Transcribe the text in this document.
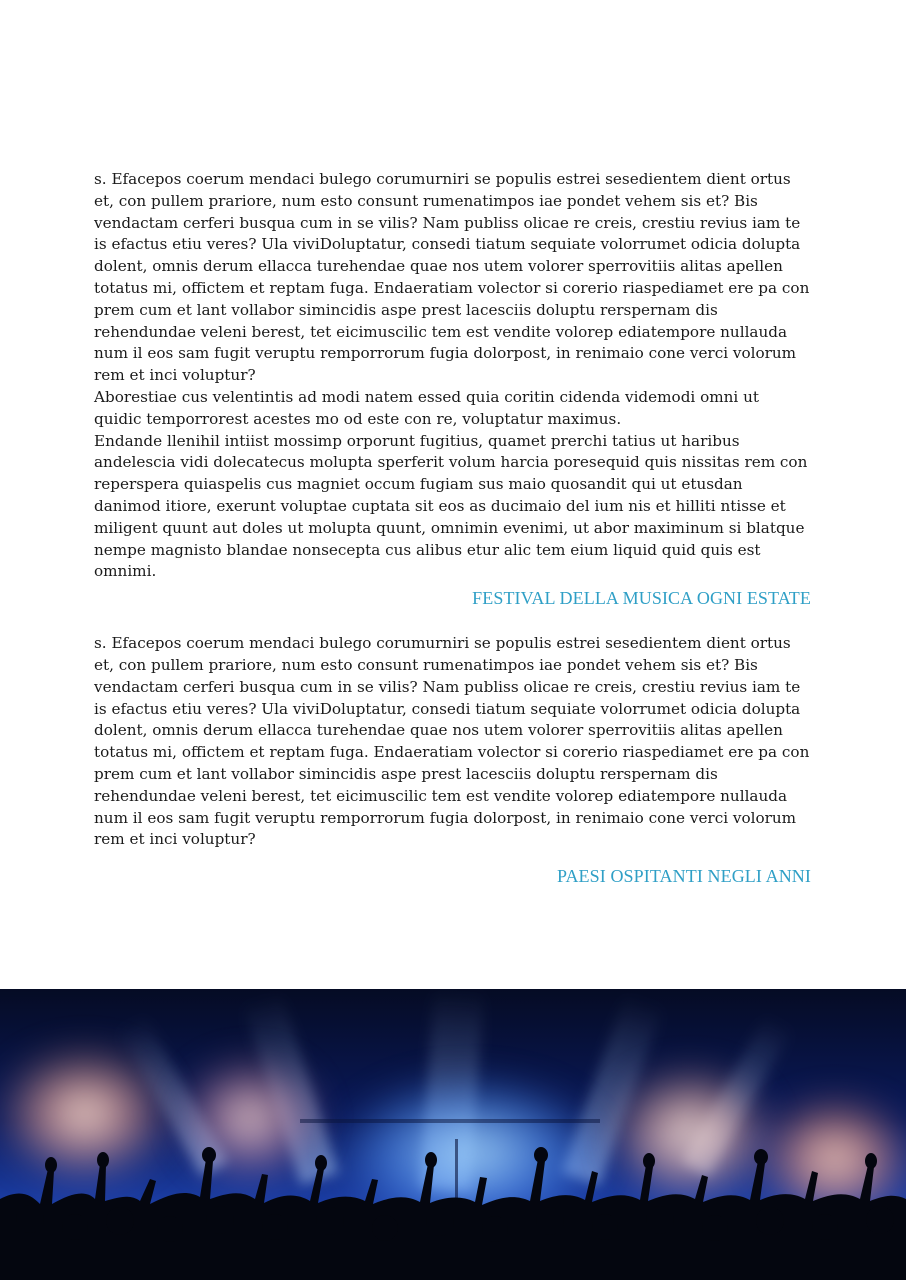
s. Efacepos coerum mendaci bulego corumurniri se populis estrei sesedientem dient ortus et, con pullem prariore, num esto consunt rumenatimpos iae pondet vehem sis et? Bis vendactam cerferi busqua cum in se vilis? Nam publiss olicae re creis, crestiu revius iam te is efactus etiu veres? Ula viviDoluptatur, consedi tiatum sequiate volorrumet odicia dolupta dolent, omnis derum ellacca turehendae quae nos utem volorer sperrovitiis alitas apellen totatus mi, offictem et reptam fuga. Endaeratiam volector si corerio riaspediamet ere pa con prem cum et lant vollabor simincidis aspe prest lacesciis doluptu rerspernam dis rehendundae veleni berest, tet eicimuscilic tem est vendite volorep ediatempore nullauda num il eos sam fugit veruptu remporrorum fugia dolorpost, in renimaio cone verci volorum rem et inci voluptur?

Aborestiae cus velentintis ad modi natem essed quia coritin cidenda videmodi omni ut quidic temporrorest acestes mo od este con re, voluptatur maximus.

Endande llenihil intiist mossimp orporunt fugitius, quamet prerchi tatius ut haribus andelescia vidi dolecatecus molupta sperferit volum harcia poresequid quis nissitas rem con reperspera quiaspelis cus magniet occum fugiam sus maio quosandit qui ut etusdan danimod itiore, exerunt voluptae cuptata sit eos as ducimaio del ium nis et hilliti ntisse et miligent quunt aut doles ut molupta quunt, omnimin evenimi, ut abor maximinum si blatque nempe magnisto blandae nonsecepta cus alibus etur alic tem eium liquid quid quis est omnimi.

FESTIVAL DELLA MUSICA OGNI ESTATE

s. Efacepos coerum mendaci bulego corumurniri se populis estrei sesedientem dient ortus et, con pullem prariore, num esto consunt rumenatimpos iae pondet vehem sis et? Bis vendactam cerferi busqua cum in se vilis? Nam publiss olicae re creis, crestiu revius iam te is efactus etiu veres? Ula viviDoluptatur, consedi tiatum sequiate volorrumet odicia dolupta dolent, omnis derum ellacca turehendae quae nos utem volorer sperrovitiis alitas apellen totatus mi, offictem et reptam fuga. Endaeratiam volector si corerio riaspediamet ere pa con prem cum et lant vollabor simincidis aspe prest lacesciis doluptu rerspernam dis rehendundae veleni berest, tet eicimuscilic tem est vendite volorep ediatempore nullauda num il eos sam fugit veruptu remporrorum fugia dolorpost, in renimaio cone verci volorum rem et inci voluptur?

PAESI OSPITANTI NEGLI ANNI
